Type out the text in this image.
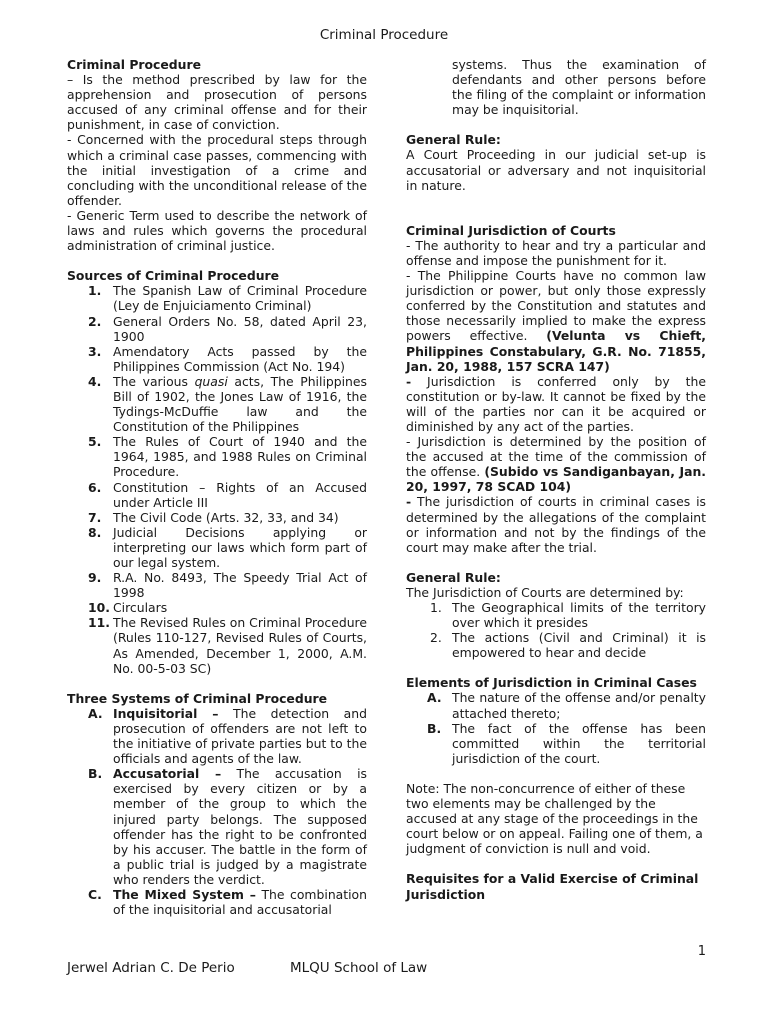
Criminal Procedure

Criminal Procedure

– Is the method prescribed by law for the apprehension and prosecution of persons accused of any criminal offense and for their punishment, in case of conviction.

- Concerned with the procedural steps through which a criminal case passes, commencing with the initial investigation of a crime and concluding with the unconditional release of the offender.

- Generic Term used to describe the network of laws and rules which governs the procedural administration of criminal justice.

Sources of Criminal Procedure

1. The Spanish Law of Criminal Procedure (Ley de Enjuiciamento Criminal)
2. General Orders No. 58, dated April 23, 1900
3. Amendatory Acts passed by the Philippines Commission (Act No. 194)
4. The various quasi acts, The Philippines Bill of 1902, the Jones Law of 1916, the Tydings-McDuffie law and the Constitution of the Philippines
5. The Rules of Court of 1940 and the 1964, 1985, and 1988 Rules on Criminal Procedure.
6. Constitution – Rights of an Accused under Article III
7. The Civil Code (Arts. 32, 33, and 34)
8. Judicial Decisions applying or interpreting our laws which form part of our legal system.
9. R.A. No. 8493, The Speedy Trial Act of 1998
10. Circulars
11. The Revised Rules on Criminal Procedure (Rules 110-127, Revised Rules of Courts, As Amended, December 1, 2000, A.M. No. 00-5-03 SC)

Three Systems of Criminal Procedure

A. Inquisitorial – The detection and prosecution of offenders are not left to the initiative of private parties but to the officials and agents of the law.
B. Accusatorial – The accusation is exercised by every citizen or by a member of the group to which the injured party belongs. The supposed offender has the right to be confronted by his accuser. The battle in the form of a public trial is judged by a magistrate who renders the verdict.
C. The Mixed System – The combination of the inquisitorial and accusatorial

systems. Thus the examination of defendants and other persons before the filing of the complaint or information may be inquisitorial.

General Rule:

A Court Proceeding in our judicial set-up is accusatorial or adversary and not inquisitorial in nature.

Criminal Jurisdiction of Courts

- The authority to hear and try a particular and offense and impose the punishment for it.

- The Philippine Courts have no common law jurisdiction or power, but only those expressly conferred by the Constitution and statutes and those necessarily implied to make the express powers effective. (Velunta vs Chieft, Philippines Constabulary, G.R. No. 71855, Jan. 20, 1988, 157 SCRA 147)

- Jurisdiction is conferred only by the constitution or by-law. It cannot be fixed by the will of the parties nor can it be acquired or diminished by any act of the parties.

- Jurisdiction is determined by the position of the accused at the time of the commission of the offense. (Subido vs Sandiganbayan, Jan. 20, 1997, 78 SCAD 104)

- The jurisdiction of courts in criminal cases is determined by the allegations of the complaint or information and not by the findings of the court may make after the trial.

General Rule:

The Jurisdiction of Courts are determined by:

1. The Geographical limits of the territory over which it presides
2. The actions (Civil and Criminal) it is empowered to hear and decide

Elements of Jurisdiction in Criminal Cases

A. The nature of the offense and/or penalty attached thereto;
B. The fact of the offense has been committed within the territorial jurisdiction of the court.

Note: The non-concurrence of either of these two elements may be challenged by the accused at any stage of the proceedings in the court below or on appeal. Failing one of them, a judgment of conviction is null and void.

Requisites for a Valid Exercise of Criminal Jurisdiction

1
Jerwel Adrian C. De Perio	MLQU School of Law
